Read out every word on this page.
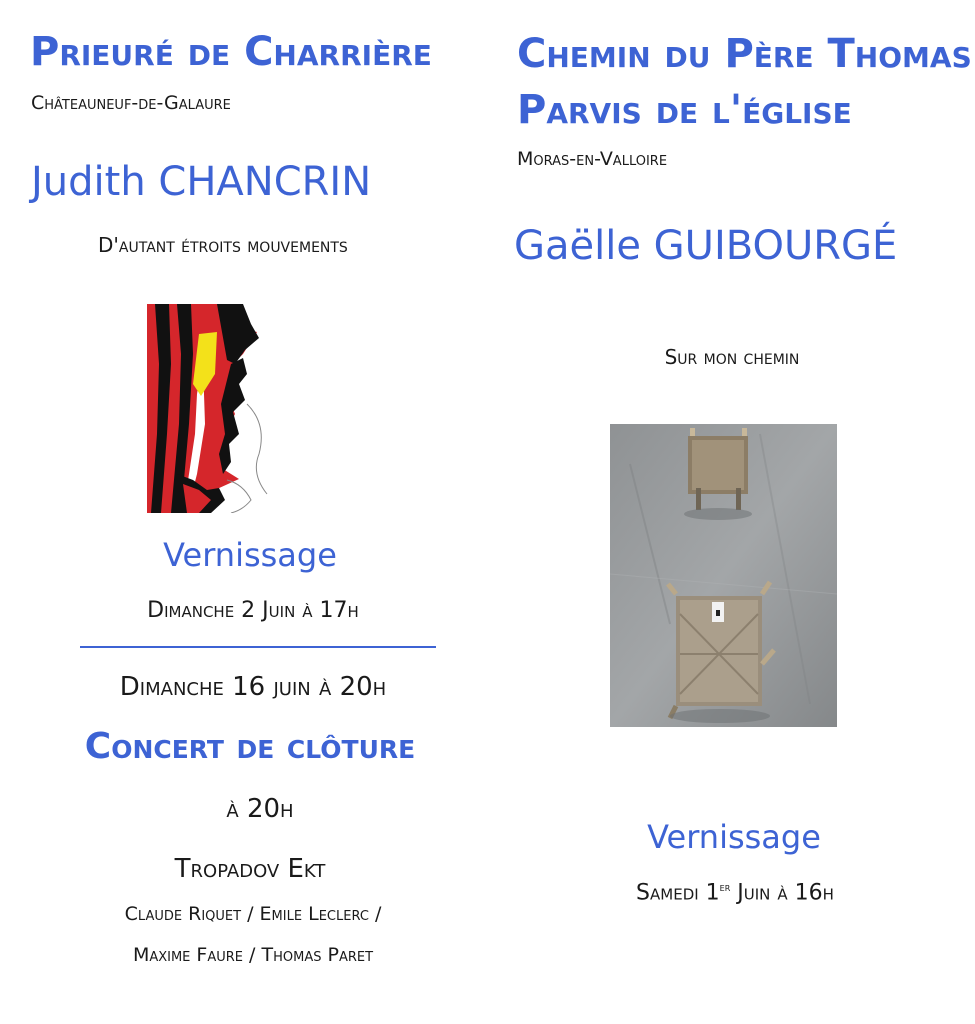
Prieuré de Charrière
Châteauneuf-de-Galaure
Judith CHANCRIN
D'autant étroits mouvements
Vernissage
Dimanche 2 Juin à 17h
Dimanche 16 juin à 20h
Concert de clôture
à 20h
Tropadov Ekt
Claude Riquet / Emile Leclerc /
Maxime Faure / Thomas Paret
Chemin du Père Thomas
Parvis de l'église
Moras-en-Valloire
Gaëlle GUIBOURGÉ
Sur mon chemin
Vernissage
Samedi 1er Juin à 16h
